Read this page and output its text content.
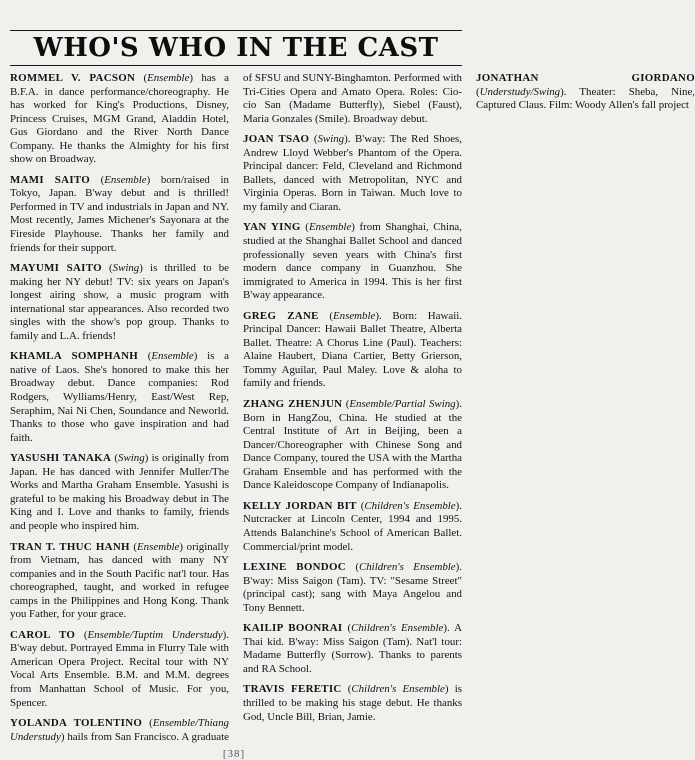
WHO'S WHO IN THE CAST

ROMMEL V. PACSON (Ensemble) has a B.F.A. in dance performance/choreography. He has worked for King's Productions, Disney, Princess Cruises, MGM Grand, Aladdin Hotel, Gus Giordano and the River North Dance Company. He thanks the Almighty for his first show on Broadway.

MAMI SAITO (Ensemble) born/raised in Tokyo, Japan. B'way debut and is thrilled! Performed in TV and industrials in Japan and NY. Most recently, James Michener's Sayonara at the Fireside Playhouse. Thanks her family and friends for their support.

MAYUMI SAITO (Swing) is thrilled to be making her NY debut! TV: six years on Japan's longest airing show, a music program with international star appearances. Also recorded two singles with the show's pop group. Thanks to family and L.A. friends!

KHAMLA SOMPHANH (Ensemble) is a native of Laos. She's honored to make this her Broadway debut. Dance companies: Rod Rodgers, Wylliams/Henry, East/West Rep, Seraphim, Nai Ni Chen, Soundance and Neworld. Thanks to those who gave inspiration and had faith.

YASUSHI TANAKA (Swing) is originally from Japan. He has danced with Jennifer Muller/The Works and Martha Graham Ensemble. Yasushi is grateful to be making his Broadway debut in The King and I. Love and thanks to family, friends and people who inspired him.

TRAN T. THUC HANH (Ensemble) originally from Vietnam, has danced with many NY companies and in the South Pacific nat'l tour. Has choreographed, taught, and worked in refugee camps in the Philippines and Hong Kong. Thank you Father, for your grace.

CAROL TO (Ensemble/Tuptim Understudy). B'way debut. Portrayed Emma in Flurry Tale with American Opera Project. Recital tour with NY Vocal Arts Ensemble. B.M. and M.M. degrees from Manhattan School of Music. For you, Spencer.

YOLANDA TOLENTINO (Ensemble/Thiang Understudy) hails from San Francisco. A graduate of SFSU and SUNY-Binghamton. Performed with Tri-Cities Opera and Amato Opera. Roles: Cio-cio San (Madame Butterfly), Siebel (Faust), Maria Gonzales (Smile). Broadway debut.

JOAN TSAO (Swing). B'way: The Red Shoes, Andrew Lloyd Webber's Phantom of the Opera. Principal dancer: Feld, Cleveland and Richmond Ballets, danced with Metropolitan, NYC and Virginia Operas. Born in Taiwan. Much love to my family and Ciaran.

YAN YING (Ensemble) from Shanghai, China, studied at the Shanghai Ballet School and danced professionally seven years with China's first modern dance company in Guanzhou. She immigrated to America in 1994. This is her first B'way appearance.

GREG ZANE (Ensemble). Born: Hawaii. Principal Dancer: Hawaii Ballet Theatre, Alberta Ballet. Theatre: A Chorus Line (Paul). Teachers: Alaine Haubert, Diana Cartier, Betty Grierson, Tommy Aguilar, Paul Maley. Love & aloha to family and friends.

ZHANG ZHENJUN (Ensemble/Partial Swing). Born in HangZou, China. He studied at the Central Institute of Art in Beijing, been a Dancer/Choreographer with Chinese Song and Dance Company, toured the USA with the Martha Graham Ensemble and has performed with the Dance Kaleidoscope Company of Indianapolis.

KELLY JORDAN BIT (Children's Ensemble). Nutcracker at Lincoln Center, 1994 and 1995. Attends Balanchine's School of American Ballet. Commercial/print model.

LEXINE BONDOC (Children's Ensemble). B'way: Miss Saigon (Tam). TV: "Sesame Street"(principal cast); sang with Maya Angelou and Tony Bennett.

KAILIP BOONRAI (Children's Ensemble). A Thai kid. B'way: Miss Saigon (Tam). Nat'l tour: Madame Butterfly (Sorrow). Thanks to parents and RA School.

TRAVIS FERETIC (Children's Ensemble) is thrilled to be making his stage debut. He thanks God, Uncle Bill, Brian, Jamie.

JONATHAN GIORDANO (Understudy/Swing). Theater: Sheba, Nine, Captured Claus. Film: Woody Allen's fall project

[38]
